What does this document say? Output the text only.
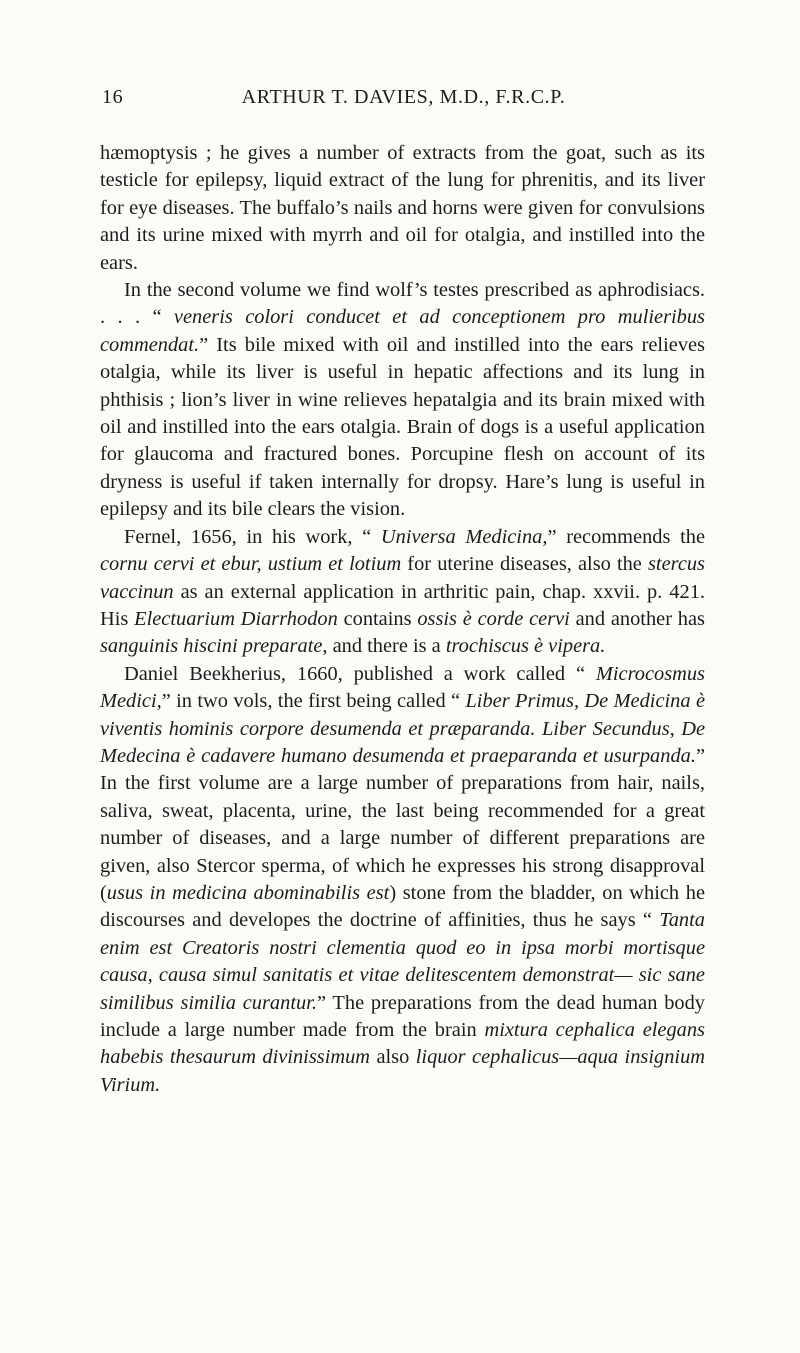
16	ARTHUR T. DAVIES, M.D., F.R.C.P.

hæmoptysis ; he gives a number of extracts from the goat, such as its testicle for epilepsy, liquid extract of the lung for phrenitis, and its liver for eye diseases. The buffalo’s nails and horns were given for convulsions and its urine mixed with myrrh and oil for otalgia, and instilled into the ears.

In the second volume we find wolf’s testes prescribed as aphrodisiacs. . . . “ veneris colori conducet et ad conceptionem pro mulieribus commendat.” Its bile mixed with oil and instilled into the ears relieves otalgia, while its liver is useful in hepatic affections and its lung in phthisis ; lion’s liver in wine relieves hepatalgia and its brain mixed with oil and instilled into the ears otalgia. Brain of dogs is a useful application for glaucoma and fractured bones. Porcupine flesh on account of its dryness is useful if taken internally for dropsy. Hare’s lung is useful in epilepsy and its bile clears the vision.

Fernel, 1656, in his work, “ Universa Medicina,” recommends the cornu cervi et ebur, ustium et lotium for uterine diseases, also the stercus vaccinun as an external application in arthritic pain, chap. xxvii. p. 421. His Electuarium Diarrhodon contains ossis è corde cervi and another has sanguinis hiscini preparate, and there is a trochiscus è vipera.

Daniel Beekherius, 1660, published a work called “ Microcosmus Medici,” in two vols, the first being called “ Liber Primus, De Medicina è viventis hominis corpore desumenda et præparanda. Liber Secundus, De Medecina è cadavere humano desumenda et praeparanda et usurpanda.” In the first volume are a large number of preparations from hair, nails, saliva, sweat, placenta, urine, the last being recommended for a great number of diseases, and a large number of different preparations are given, also Stercor sperma, of which he expresses his strong disapproval (usus in medicina abominabilis est) stone from the bladder, on which he discourses and developes the doctrine of affinities, thus he says “ Tanta enim est Creatoris nostri clementia quod eo in ipsa morbi mortisque causa, causa simul sanitatis et vitae delitescentem demonstrat— sic sane similibus similia curantur.” The preparations from the dead human body include a large number made from the brain mixtura cephalica elegans habebis thesaurum divinissimum also liquor cephalicus—aqua insignium Virium.
